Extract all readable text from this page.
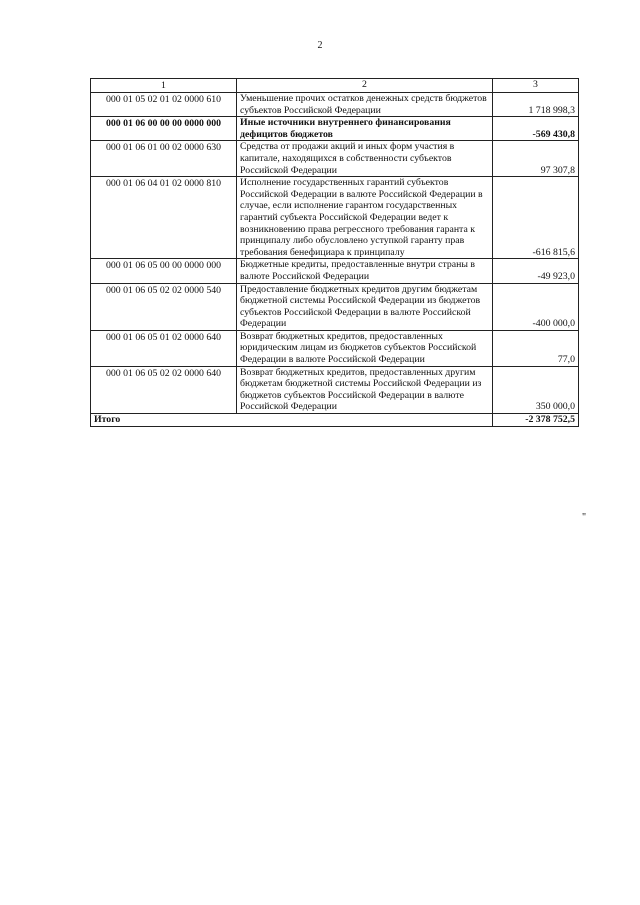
2
1	2	3
000 01 05 02 01 02 0000 610	Уменьшение прочих остатков денежных средств бюджетов субъектов Российской Федерации	1 718 998,3
000 01 06 00 00 00 0000 000	Иные источники внутреннего финансирования дефицитов бюджетов	-569 430,8
000 01 06 01 00 02 0000 630	Средства от продажи акций и иных форм участия в капитале, находящихся в собственности субъектов Российской Федерации	97 307,8
000 01 06 04 01 02 0000 810	Исполнение государственных гарантий субъектов Российской Федерации в валюте Российской Федерации в случае, если исполнение гарантом государственных гарантий субъекта Российской Федерации ведет к возникновению права регрессного требования гаранта к принципалу либо обусловлено уступкой гаранту прав требования бенефициара к принципалу	-616 815,6
000 01 06 05 00 00 0000 000	Бюджетные кредиты, предоставленные внутри страны в валюте Российской Федерации	-49 923,0
000 01 06 05 02 02 0000 540	Предоставление бюджетных кредитов другим бюджетам бюджетной системы Российской Федерации из бюджетов субъектов Российской Федерации в валюте Российской Федерации	-400 000,0
000 01 06 05 01 02 0000 640	Возврат бюджетных кредитов, предоставленных юридическим лицам из бюджетов субъектов Российской Федерации в валюте Российской Федерации	77,0
000 01 06 05 02 02 0000 640	Возврат бюджетных кредитов, предоставленных другим бюджетам бюджетной системы Российской Федерации из бюджетов субъектов Российской Федерации в валюте Российской Федерации	350 000,0
Итого		-2 378 752,5
"
